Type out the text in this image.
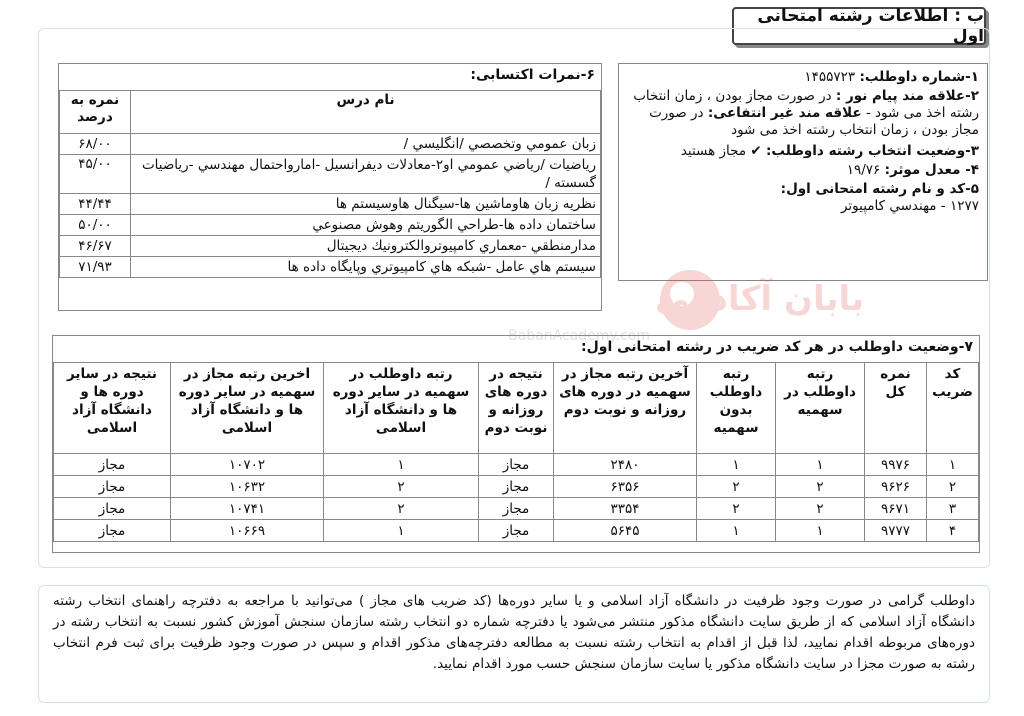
ب : اطلاعات رشته امتحانی اول
۱-شماره داوطلب: ۱۴۵۵۷۲۳
۲-علاقه مند پیام نور : در صورت مجاز بودن ، زمان انتخاب رشته اخذ می شود - علاقه مند غیر انتفاعی: در صورت مجاز بودن ، زمان انتخاب رشته اخذ می شود
۳-وضعیت انتخاب رشته داوطلب: ✔ مجاز هستید
۴- معدل موثر: ۱۹/۷۶
۵-کد و نام رشته امتحانی اول:
۱۲۷۷ - مهندسي كامپيوتر
۶-نمرات اکتسابی:
نام درس	نمره به درصد
زبان عمومي وتخصصي /انگليسي /	۶۸/۰۰
رياضيات /رياضي عمومي او۲-معادلات ديفرانسيل -امارواحتمال مهندسي -رياضيات گسسته /	۴۵/۰۰
نظريه زبان هاوماشين ها-سيگنال هاوسيستم ها	۴۴/۴۴
ساختمان داده ها-طراحي الگوريتم وهوش مصنوعي	۵۰/۰۰
مدارمنطقي -معماري كامپيوتروالكترونيك ديجيتال	۴۶/۶۷
سيستم هاي عامل -شبكه هاي كامپيوتري وپايگاه داده ها	۷۱/۹۳
بابان آکادمی
BabanAcademy.com
۷-وضعیت داوطلب در هر کد ضریب در رشته امتحانی اول:
کد ضریب	نمره کل	رتبه داوطلب در سهمیه	رتبه داوطلب بدون سهمیه	آخرین رتبه مجاز در سهمیه در دوره های روزانه و نوبت دوم	نتیجه در دوره های روزانه و نوبت دوم	رتبه داوطلب در سهمیه در سایر دوره ها و دانشگاه آزاد اسلامی	اخرین رتبه مجاز در سهمیه در سایر دوره ها و دانشگاه آزاد اسلامی	نتیجه در سایر دوره ها و دانشگاه آزاد اسلامی
۱	۹۹۷۶	۱	۱	۲۴۸۰	مجاز	۱	۱۰۷۰۲	مجاز
۲	۹۶۲۶	۲	۲	۶۳۵۶	مجاز	۲	۱۰۶۳۲	مجاز
۳	۹۶۷۱	۲	۲	۳۳۵۴	مجاز	۲	۱۰۷۴۱	مجاز
۴	۹۷۷۷	۱	۱	۵۶۴۵	مجاز	۱	۱۰۶۶۹	مجاز
داوطلب گرامی در صورت وجود ظرفیت در دانشگاه آزاد اسلامی و یا سایر دوره‌ها (کد ضریب های مجاز ) می‌توانید با مراجعه به دفترچه راهنمای انتخاب رشته دانشگاه آزاد اسلامی که از طریق سایت دانشگاه مذکور منتشر می‌شود یا دفترچه شماره دو انتخاب رشته سازمان سنجش آموزش کشور نسبت به انتخاب رشته در دوره‌های مربوطه اقدام نمایید، لذا قبل از اقدام به انتخاب رشته نسبت به مطالعه دفترچه‌های مذکور اقدام و سپس در صورت وجود ظرفیت برای ثبت فرم انتخاب رشته به صورت مجزا در سایت دانشگاه مذکور یا سایت سازمان سنجش حسب مورد اقدام نمایید.
